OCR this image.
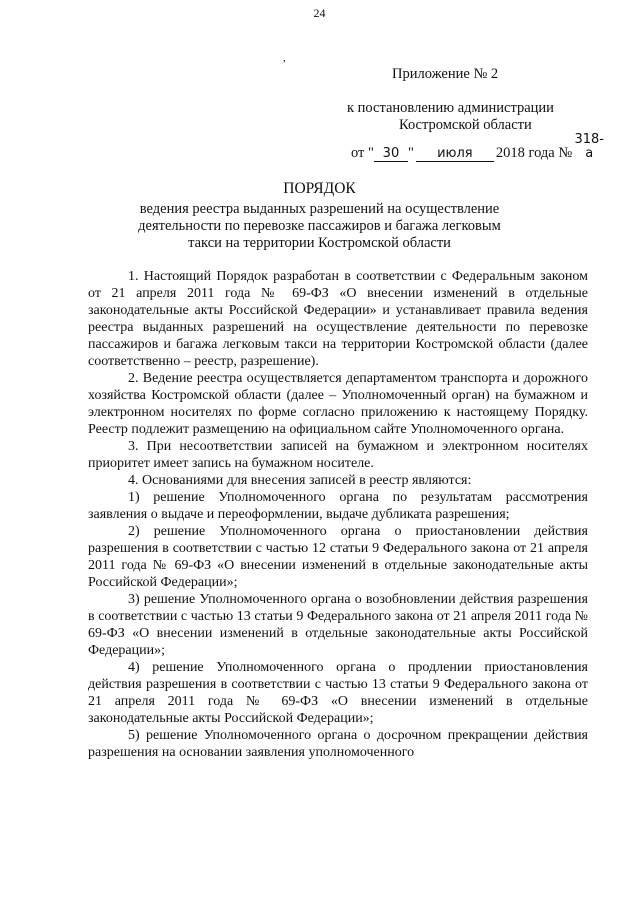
24
,
Приложение № 2
к постановлению администрации
Костромской области
от " 30 " июля 2018 года №318-а
ПОРЯДОК
ведения реестра выданных разрешений на осуществление
деятельности по перевозке пассажиров и багажа легковым
такси на территории Костромской области

1. Настоящий Порядок разработан в соответствии с Федеральным законом от 21 апреля 2011 года № 69-ФЗ «О внесении изменений в отдельные законодательные акты Российской Федерации» и устанавливает правила ведения реестра выданных разрешений на осуществление деятельности по перевозке пассажиров и багажа легковым такси на территории Костромской области (далее соответственно – реестр, разрешение).

2. Ведение реестра осуществляется департаментом транспорта и дорожного хозяйства Костромской области (далее – Уполномоченный орган) на бумажном и электронном носителях по форме согласно приложению к настоящему Порядку. Реестр подлежит размещению на официальном сайте Уполномоченного органа.

3. При несоответствии записей на бумажном и электронном носителях приоритет имеет запись на бумажном носителе.

4. Основаниями для внесения записей в реестр являются:

1) решение Уполномоченного органа по результатам рассмотрения заявления о выдаче и переоформлении, выдаче дубликата разрешения;

2) решение Уполномоченного органа о приостановлении действия разрешения в соответствии с частью 12 статьи 9 Федерального закона от 21 апреля 2011 года № 69-ФЗ «О внесении изменений в отдельные законодательные акты Российской Федерации»;

3) решение Уполномоченного органа о возобновлении действия разрешения в соответствии с частью 13 статьи 9 Федерального закона от 21 апреля 2011 года № 69-ФЗ «О внесении изменений в отдельные законодательные акты Российской Федерации»;

4) решение Уполномоченного органа о продлении приостановления действия разрешения в соответствии с частью 13 статьи 9 Федерального закона от 21 апреля 2011 года № 69-ФЗ «О внесении изменений в отдельные законодательные акты Российской Федерации»;

5) решение Уполномоченного органа о досрочном прекращении действия разрешения на основании заявления уполномоченного
